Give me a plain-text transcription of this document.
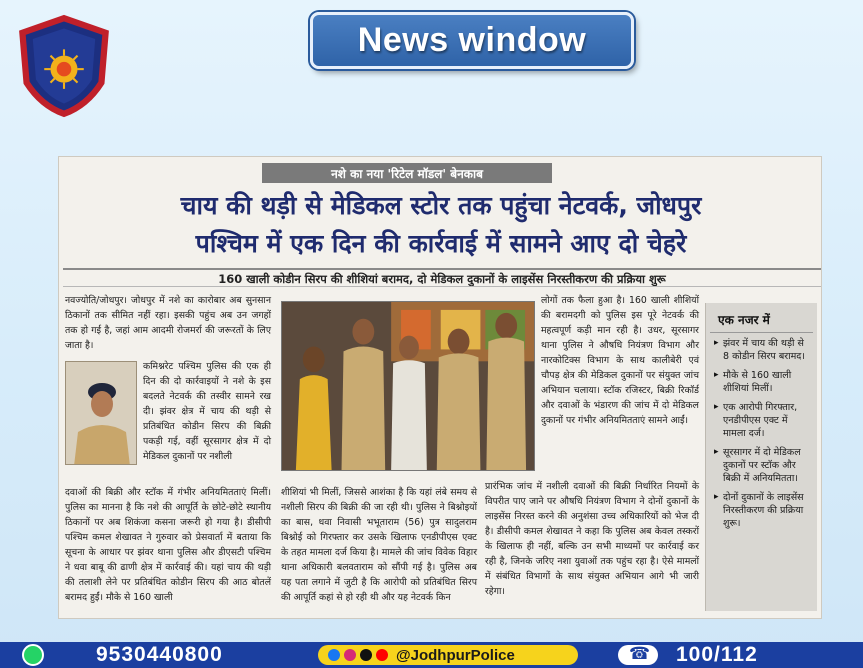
News window
नशे का नया 'रिटेल मॉडल' बेनकाब
चाय की थड़ी से मेडिकल स्टोर तक पहुंचा नेटवर्क, जोधपुर
पश्चिम में एक दिन की कार्रवाई में सामने आए दो चेहरे
160 खाली कोडीन सिरप की शीशियां बरामद, दो मेडिकल दुकानों के लाइसेंस निरस्तीकरण की प्रक्रिया शुरू
नवज्योति/जोधपुर। जोधपुर में नशे का कारोबार अब सुनसान ठिकानों तक सीमित नहीं रहा। इसकी पहुंच अब उन जगहों तक हो गई है, जहां आम आदमी रोजमर्रा की जरूरतों के लिए जाता है।
कमिश्नरेट पश्चिम पुलिस की एक ही दिन की दो कार्रवाइयों ने नशे के इस बदलते नेटवर्क की तस्वीर सामने रख दी। झंवर क्षेत्र में चाय की थड़ी से प्रतिबंधित कोडीन सिरप की बिक्री पकड़ी गई, वहीं सूरसागर क्षेत्र में दो मेडिकल दुकानों पर नशीली
लोगों तक फैला हुआ है। 160 खाली शीशियों की बरामदगी को पुलिस इस पूरे नेटवर्क की महत्वपूर्ण कड़ी मान रही है। उधर, सूरसागर थाना पुलिस ने औषधि नियंत्रण विभाग और नारकोटिक्स विभाग के साथ कालीबेरी एवं चौपड़ क्षेत्र की मेडिकल दुकानों पर संयुक्त जांच अभियान चलाया। स्टॉक रजिस्टर, बिक्री रिकॉर्ड और दवाओं के भंडारण की जांच में दो मेडिकल दुकानों पर गंभीर अनियमितताएं सामने आईं।
दवाओं की बिक्री और स्टॉक में गंभीर अनियमितताएं मिलीं। पुलिस का मानना है कि नशे की आपूर्ति के छोटे-छोटे स्थानीय ठिकानों पर अब शिकंजा कसना जरूरी हो गया है। डीसीपी पश्चिम कमल शेखावत ने गुरुवार को प्रेसवार्ता में बताया कि सूचना के आधार पर झंवर थाना पुलिस और डीएसटी पश्चिम ने धवा बाबू की ढाणी क्षेत्र में कार्रवाई की। यहां चाय की थड़ी की तलाशी लेने पर प्रतिबंधित कोडीन सिरप की आठ बोतलें बरामद हुईं। मौके से 160 खाली
शीशियां भी मिलीं, जिससे आशंका है कि यहां लंबे समय से नशीली सिरप की बिक्री की जा रही थी। पुलिस ने बिश्नोइयों का बास, धवा निवासी भभूताराम (56) पुत्र सादुलराम बिश्नोई को गिरफ्तार कर उसके खिलाफ एनडीपीएस एक्ट के तहत मामला दर्ज किया है। मामले की जांच विवेक विहार थाना अधिकारी बलवताराम को सौंपी गई है। पुलिस अब यह पता लगाने में जुटी है कि आरोपी को प्रतिबंधित सिरप की आपूर्ति कहां से हो रही थी और यह नेटवर्क किन
प्रारंभिक जांच में नशीली दवाओं की बिक्री निर्धारित नियमों के विपरीत पाए जाने पर औषधि नियंत्रण विभाग ने दोनों दुकानों के लाइसेंस निरस्त करने की अनुशंसा उच्च अधिकारियों को भेज दी है। डीसीपी कमल शेखावत ने कहा कि पुलिस अब केवल तस्करों के खिलाफ ही नहीं, बल्कि उन सभी माध्यमों पर कार्रवाई कर रही है, जिनके जरिए नशा युवाओं तक पहुंच रहा है। ऐसे मामलों में संबंधित विभागों के साथ संयुक्त अभियान आगे भी जारी रहेगा।
एक नजर में
▸ झंवर में चाय की थड़ी से 8 कोडीन सिरप बरामद।
▸ मौके से 160 खाली शीशियां मिलीं।
▸ एक आरोपी गिरफ्तार, एनडीपीएस एक्ट में मामला दर्ज।
▸ सूरसागर में दो मेडिकल दुकानों पर स्टॉक और बिक्री में अनियमितता।
▸ दोनों दुकानों के लाइसेंस निरस्तीकरण की प्रक्रिया शुरू।
9530440800	@JodhpurPolice
☎	100/112
